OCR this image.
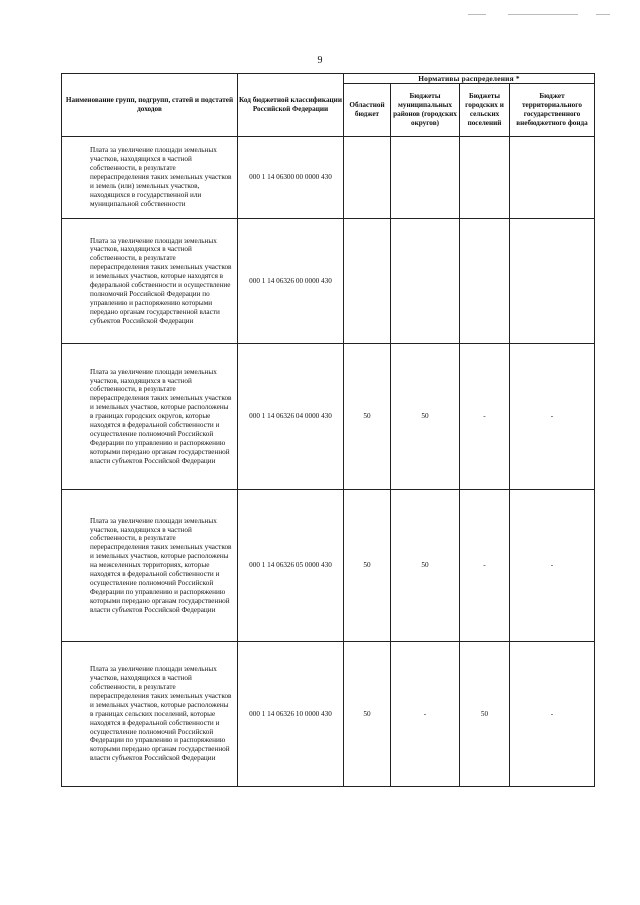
9
Наименование групп, подгрупп, статей и подстатей доходов	Код бюджетной классификации Российской Федерации	Нормативы распределения *			
		Областной бюджет	Бюджеты муниципальных районов (городских округов)	Бюджеты городских и сельских поселений	Бюджет территориального государственного внебюджетного фонда

Плата за увеличение площади земельных участков, находящихся в частной собственности, в результате перераспределения таких земельных участков и земель (или) земельных участков, находящихся в государственной или муниципальной собственности	000 1 14 06300 00 0000 430				

Плата за увеличение площади земельных участков, находящихся в частной собственности, в результате перераспределения таких земельных участков и земельных участков, которые находятся в федеральной собственности и осуществление полномочий Российской Федерации по управлению и распоряжению которыми передано органам государственной власти субъектов Российской Федерации	000 1 14 06326 00 0000 430				

Плата за увеличение площади земельных участков, находящихся в частной собственности, в результате перераспределения таких земельных участков и земельных участков, которые расположены в границах городских округов, которые находятся в федеральной собственности и осуществление полномочий Российской Федерации по управлению и распоряжению которыми передано органам государственной власти субъектов Российской Федерации	000 1 14 06326 04 0000 430	50	50	-	-

Плата за увеличение площади земельных участков, находящихся в частной собственности, в результате перераспределения таких земельных участков и земельных участков, которые расположены на межселенных территориях, которые находятся в федеральной собственности и осуществление полномочий Российской Федерации по управлению и распоряжению которыми передано органам государственной власти субъектов Российской Федерации	000 1 14 06326 05 0000 430	50	50	-	-

Плата за увеличение площади земельных участков, находящихся в частной собственности, в результате перераспределения таких земельных участков и земельных участков, которые расположены в границах сельских поселений, которые находятся в федеральной собственности и осуществление полномочий Российской Федерации по управлению и распоряжению которыми передано органам государственной власти субъектов Российской Федерации	000 1 14 06326 10 0000 430	50	-	50	-
